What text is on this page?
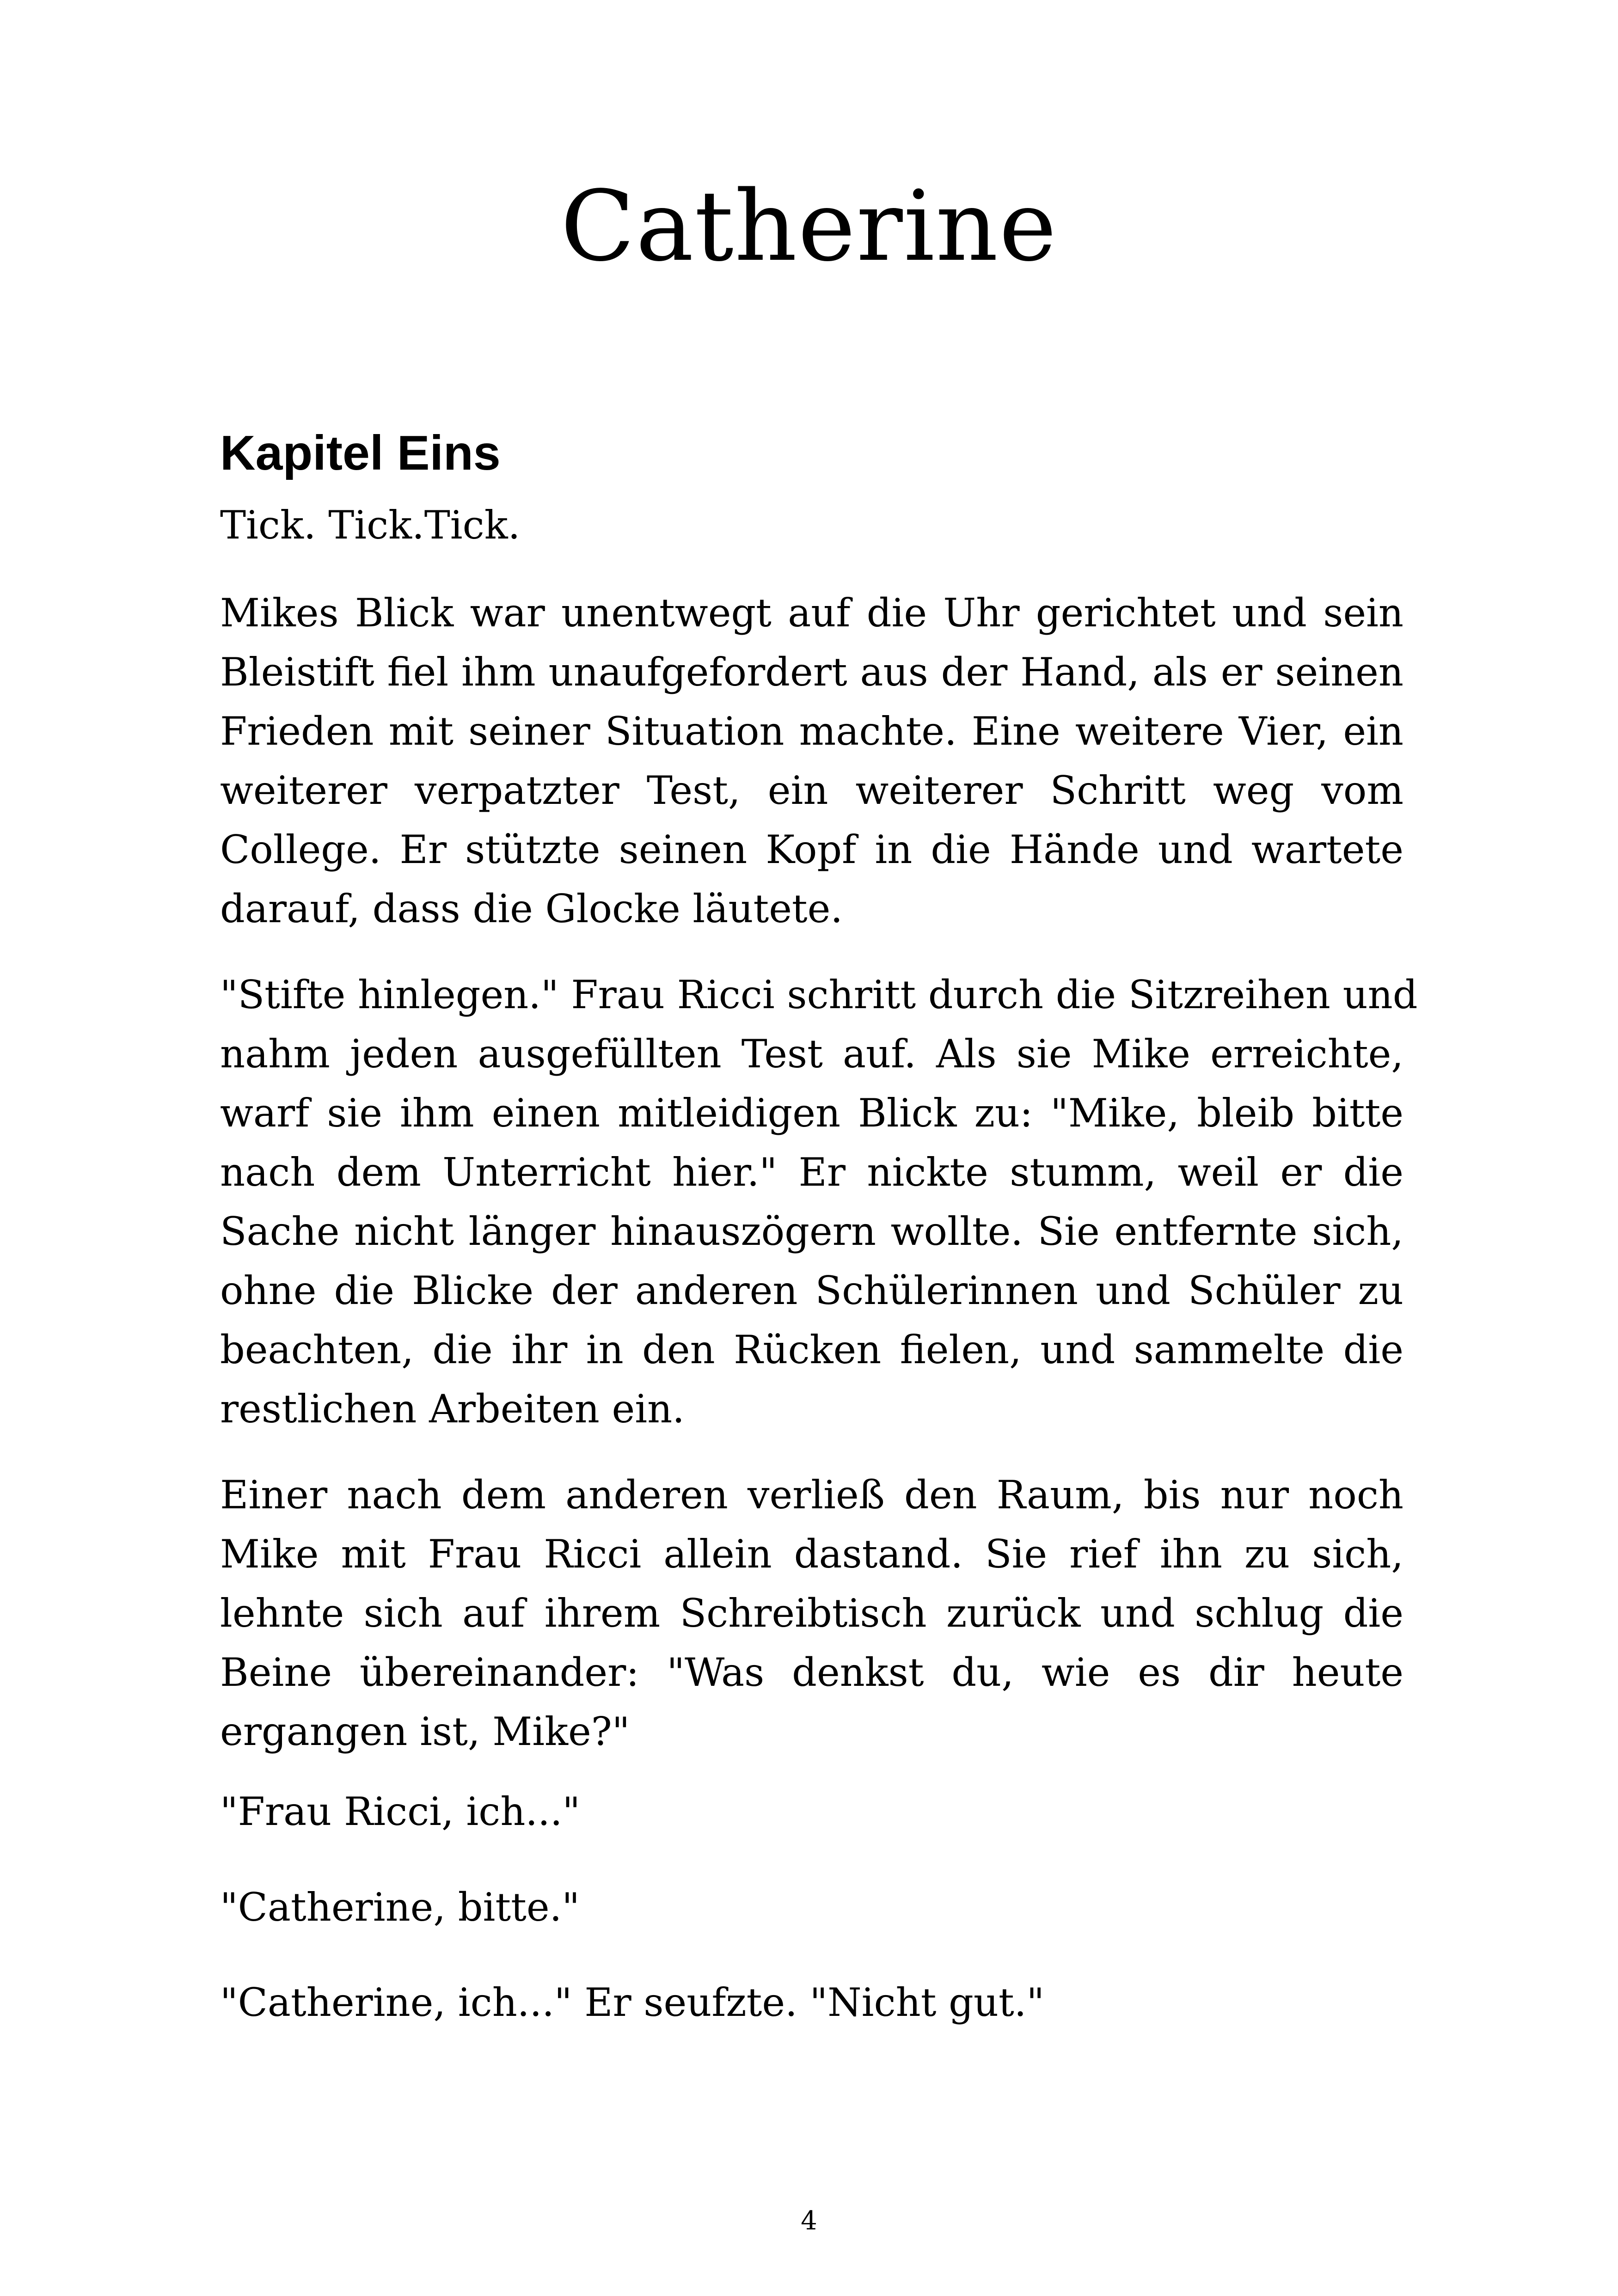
Catherine
Kapitel Eins

Tick. Tick.Tick.

Mikes Blick war unentwegt auf die Uhr gerichtet und sein
Bleistift fiel ihm unaufgefordert aus der Hand, als er seinen
Frieden mit seiner Situation machte. Eine weitere Vier, ein
weiterer verpatzter Test, ein weiterer Schritt weg vom
College. Er stützte seinen Kopf in die Hände und wartete
darauf, dass die Glocke läutete.

"Stifte hinlegen." Frau Ricci schritt durch die Sitzreihen und
nahm jeden ausgefüllten Test auf. Als sie Mike erreichte,
warf sie ihm einen mitleidigen Blick zu: "Mike, bleib bitte
nach dem Unterricht hier." Er nickte stumm, weil er die
Sache nicht länger hinauszögern wollte. Sie entfernte sich,
ohne die Blicke der anderen Schülerinnen und Schüler zu
beachten, die ihr in den Rücken fielen, und sammelte die
restlichen Arbeiten ein.

Einer nach dem anderen verließ den Raum, bis nur noch
Mike mit Frau Ricci allein dastand. Sie rief ihn zu sich,
lehnte sich auf ihrem Schreibtisch zurück und schlug die
Beine übereinander: "Was denkst du, wie es dir heute
ergangen ist, Mike?"

"Frau Ricci, ich..."

"Catherine, bitte."

"Catherine, ich..." Er seufzte. "Nicht gut."

4
